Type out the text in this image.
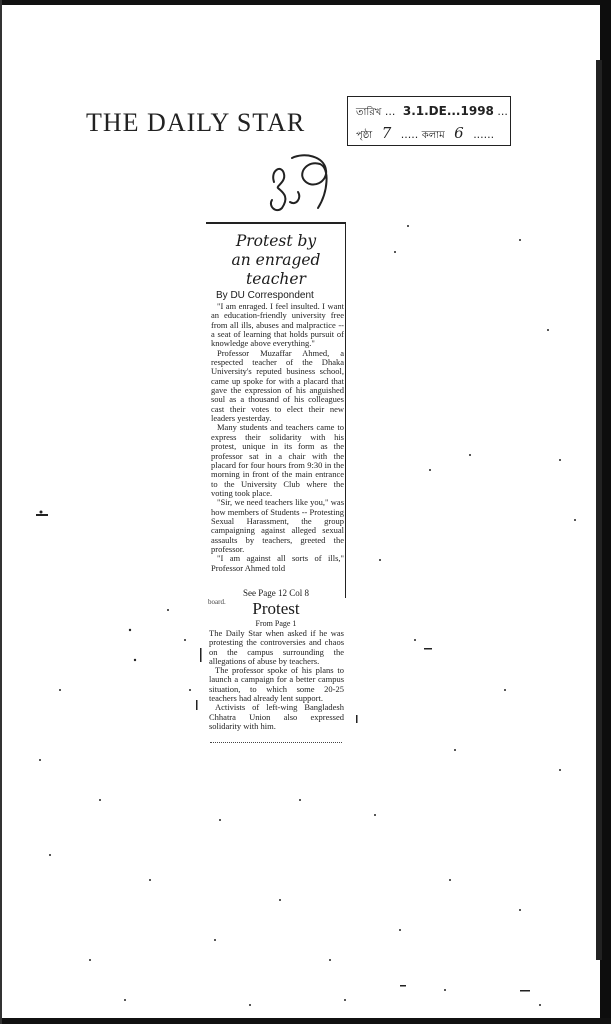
THE DAILY STAR	তারিখ ... 3.1.DE...1998 ...
পৃষ্ঠা 7 ..... কলাম 6 ......
Protest by
an enraged
teacher
By DU Correspondent

"I am enraged. I feel insulted. I want an education-friendly university free from all ills, abuses and malpractice -- a seat of learning that holds pursuit of knowledge above everything."

Professor Muzaffar Ahmed, a respected teacher of the Dhaka University's reputed business school, came up spoke for with a placard that gave the expression of his anguished soul as a thousand of his colleagues cast their votes to elect their new leaders yesterday.

Many students and teachers came to express their solidarity with his protest, unique in its form as the professor sat in a chair with the placard for four hours from 9:30 in the morning in front of the main entrance to the University Club where the voting took place.

"Sir, we need teachers like you," was how members of Students -- Protesting Sexual Harassment, the group campaigning against alleged sexual assaults by teachers, greeted the professor.

"I am against all sorts of ills," Professor Ahmed told

See Page 12 Col 8
board.	Protest
From Page 1

The Daily Star when asked if he was protesting the controversies and chaos on the campus surrounding the allegations of abuse by teachers.

The professor spoke of his plans to launch a campaign for a better campus situation, to which some 20-25 teachers had already lent support.

Activists of left-wing Bangladesh Chhatra Union also expressed solidarity with him.
